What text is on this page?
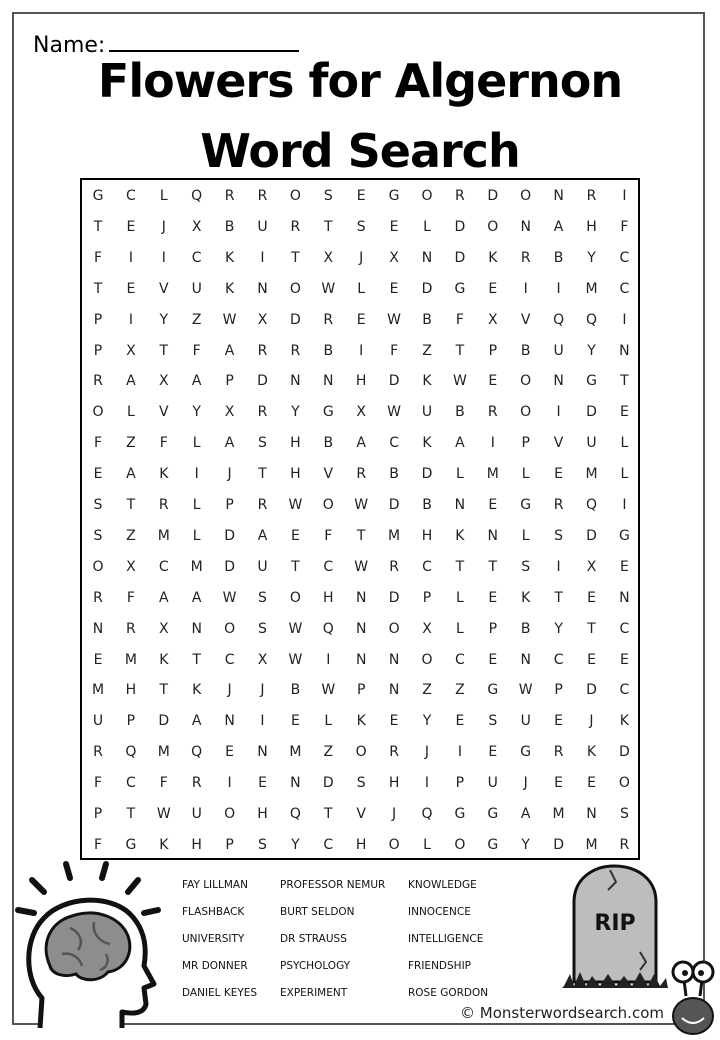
Name:
Flowers for Algernon
Word Search
G	C	L	Q	R	R	O	S	E	G	O	R	D	O	N	R	I
T	E	J	X	B	U	R	T	S	E	L	D	O	N	A	H	F
F	I	I	C	K	I	T	X	J	X	N	D	K	R	B	Y	C
T	E	V	U	K	N	O	W	L	E	D	G	E	I	I	M	C
P	I	Y	Z	W	X	D	R	E	W	B	F	X	V	Q	Q	I
P	X	T	F	A	R	R	B	I	F	Z	T	P	B	U	Y	N
R	A	X	A	P	D	N	N	H	D	K	W	E	O	N	G	T
O	L	V	Y	X	R	Y	G	X	W	U	B	R	O	I	D	E
F	Z	F	L	A	S	H	B	A	C	K	A	I	P	V	U	L
E	A	K	I	J	T	H	V	R	B	D	L	M	L	E	M	L
S	T	R	L	P	R	W	O	W	D	B	N	E	G	R	Q	I
S	Z	M	L	D	A	E	F	T	M	H	K	N	L	S	D	G
O	X	C	M	D	U	T	C	W	R	C	T	T	S	I	X	E
R	F	A	A	W	S	O	H	N	D	P	L	E	K	T	E	N
N	R	X	N	O	S	W	Q	N	O	X	L	P	B	Y	T	C
E	M	K	T	C	X	W	I	N	N	O	C	E	N	C	E	E
M	H	T	K	J	J	B	W	P	N	Z	Z	G	W	P	D	C
U	P	D	A	N	I	E	L	K	E	Y	E	S	U	E	J	K
R	Q	M	Q	E	N	M	Z	O	R	J	I	E	G	R	K	D
F	C	F	R	I	E	N	D	S	H	I	P	U	J	E	E	O
P	T	W	U	O	H	Q	T	V	J	Q	G	G	A	M	N	S
F	G	K	H	P	S	Y	C	H	O	L	O	G	Y	D	M	R
FAY LILLMAN
FLASHBACK
UNIVERSITY
MR DONNER
DANIEL KEYES
PROFESSOR NEMUR
BURT SELDON
DR STRAUSS
PSYCHOLOGY
EXPERIMENT
KNOWLEDGE
INNOCENCE
INTELLIGENCE
FRIENDSHIP
ROSE GORDON
RIP
© Monsterwordsearch.com
